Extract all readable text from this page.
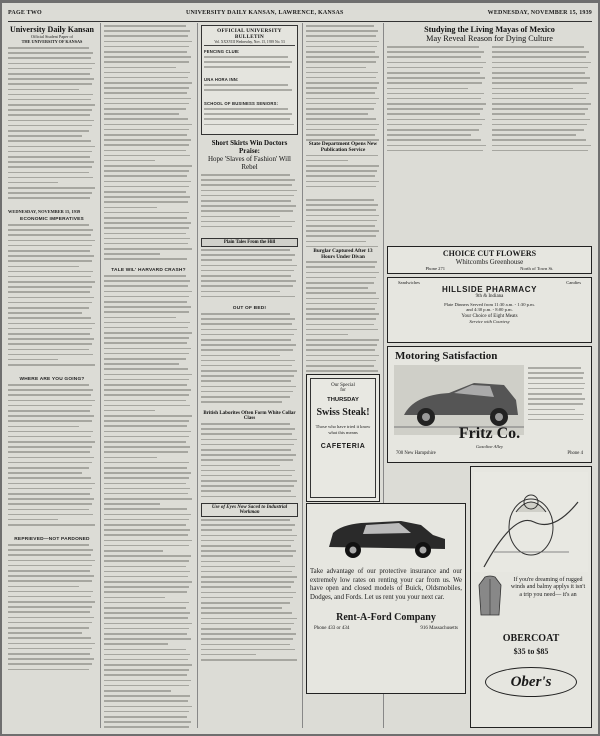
PAGE TWO	UNIVERSITY DAILY KANSAN, LAWRENCE, KANSAS	WEDNESDAY, NOVEMBER 15, 1939
University Daily Kansan
Official Student Paper of
THE UNIVERSITY OF KANSAS
WEDNESDAY, NOVEMBER 15, 1939
ECONOMIC IMPERATIVES
WHERE ARE YOU GOING?
REPRIEVED—NOT PARDONED
TALE WIL' HARVARD CRASH?
OFFICIAL UNIVERSITY BULLETIN
Vol. XXXVIII Wednesday, Nov. 15, 1939 No. 53
FENCING CLUB:
UNA HORA INN:
SCHOOL OF BUSINESS SENIORS:
Short Skirts Win Doctors Praise:
Hope 'Slaves of Fashion' Will Rebel
Plain Tales From the Hill
OUT OF BED!
British Laborites Often Form White Collar Class
Use of Eyes Now Saced to Industrial Workman
Our Special
for
THURSDAY
Swiss Steak!
Those who have tried it know what this means
CAFETERIA
Studying the Living Mayas of Mexico
May Reveal Reason for Dying Culture
State Department Opens New Publication Service
Burglar Captured After 13 Hours Under Divan	CHOICE CUT FLOWERS
Whitcombs Greenhouse
Phone 271	North of Town St.
Sandwiches	Candies
HILLSIDE PHARMACY
9th & Indiana
Plate Dinners Served from 11:30 a.m. - 1:30 p.m.
and 4:30 p.m. - 8:00 p.m.
Your Choice of Eight Meats
Service with Courtesy
Motoring Satisfaction
Fritz Co.
Gasoline Alley
700 New Hampshire	Phone 4
Take advantage of our protective insurance and our extremely low rates on renting your car from us. We have open and closed models of Buick, Oldsmobiles, Dodges, and Fords. Let us rent you your next car.
Rent-A-Ford Company
Phone 433 or 434	916 Massachusetts
If you're dreaming of rugged winds and balmy applys it isn't a trip you need— it's an
OBERCOAT
$35 to $85
Ober's
